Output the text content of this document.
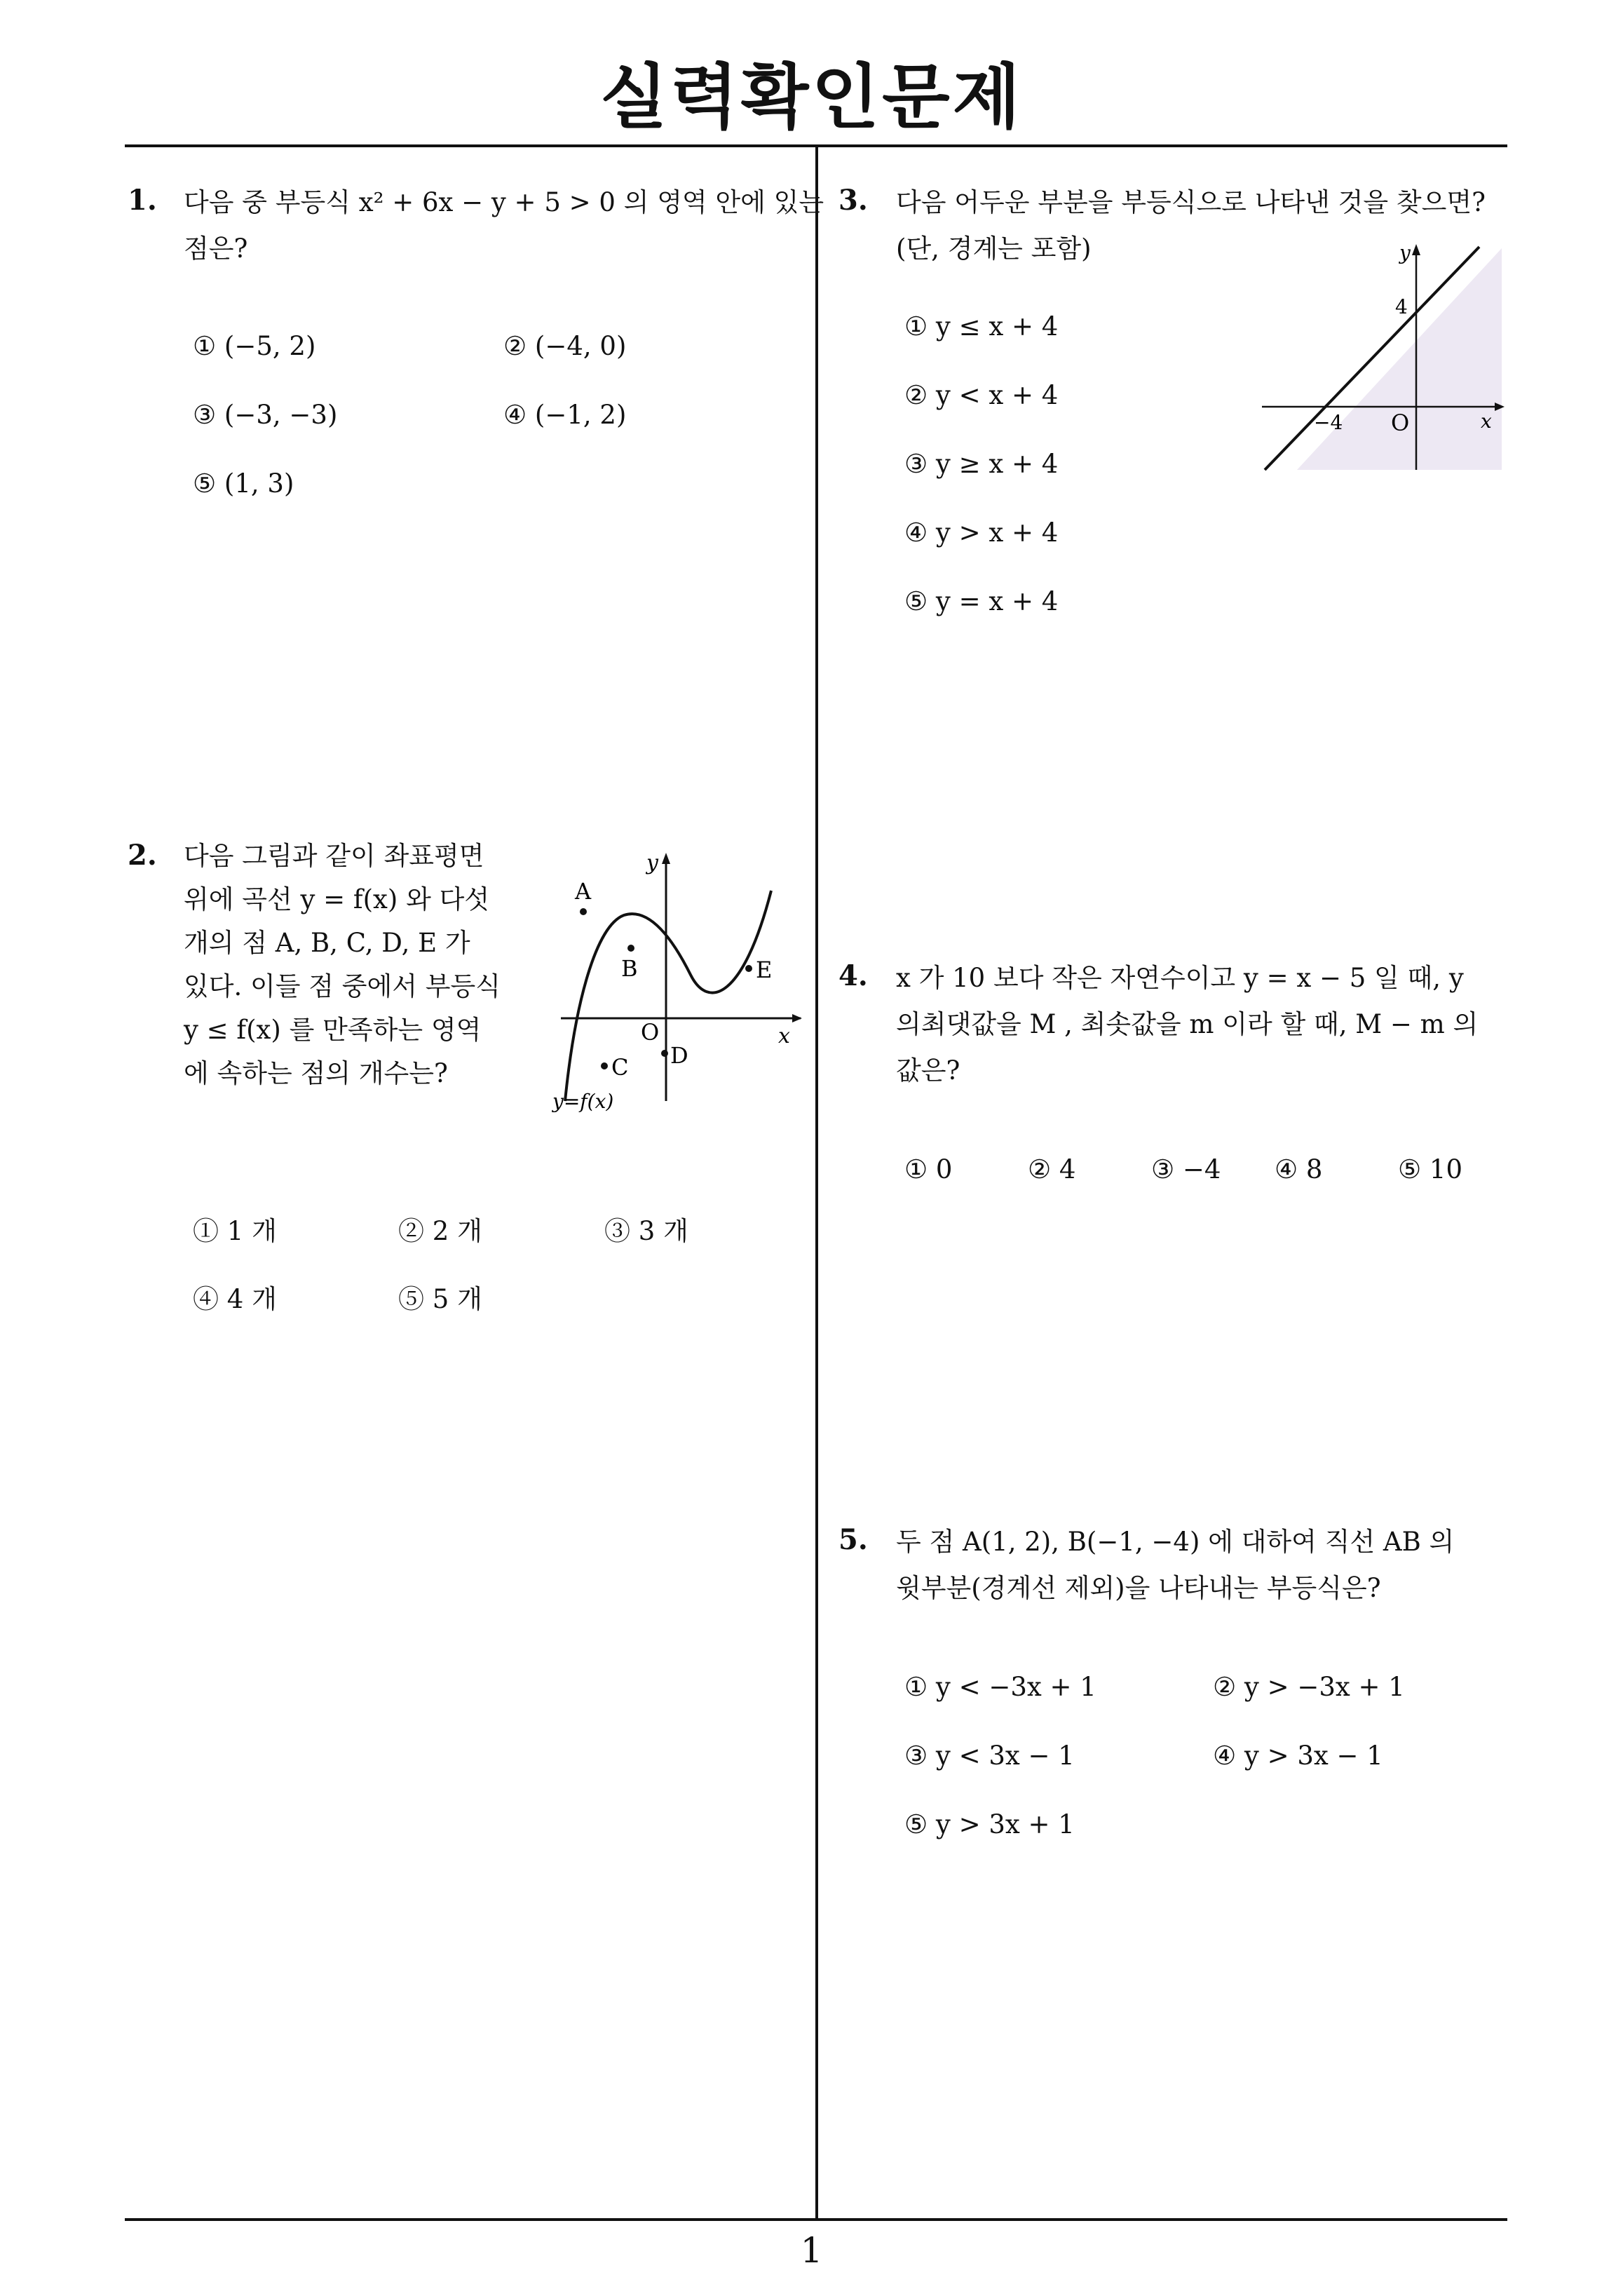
실력확인문제
1
1. 다음 중 부등식 x² + 6x − y + 5 > 0 의 영역 안에 있는
점은?
① (−5, 2)	② (−4, 0)
③ (−3, −3)	④ (−1, 2)
⑤ (1, 3)
2. 다음 그림과 같이 좌표평면
위에 곡선 y = f(x) 와 다섯
개의 점 A, B, C, D, E 가
있다. 이들 점 중에서 부등식
y ≤ f(x) 를 만족하는 영역
에 속하는 점의 개수는?
y
x
O
A
B
C D
E
y=f(x)
① 1 개	② 2 개	③ 3 개
④ 4 개	⑤ 5 개
3. 다음 어두운 부분을 부등식으로 나타낸 것을 찾으면?
(단, 경계는 포함)	y
x
4
−4 O
① y ≤ x + 4
② y < x + 4
③ y ≥ x + 4
④ y > x + 4
⑤ y = x + 4
4. x 가 10 보다 작은 자연수이고 y = x − 5 일 때, y
의최댓값을 M , 최솟값을 m 이라 할 때, M − m 의
값은?
① 0	② 4	③ −4 ④ 8	⑤ 10
5. 두 점 A(1, 2), B(−1, −4) 에 대하여 직선 AB 의
윗부분(경계선 제외)을 나타내는 부등식은?
① y < −3x + 1	② y > −3x + 1
③ y < 3x − 1	④ y > 3x − 1
⑤ y > 3x + 1
